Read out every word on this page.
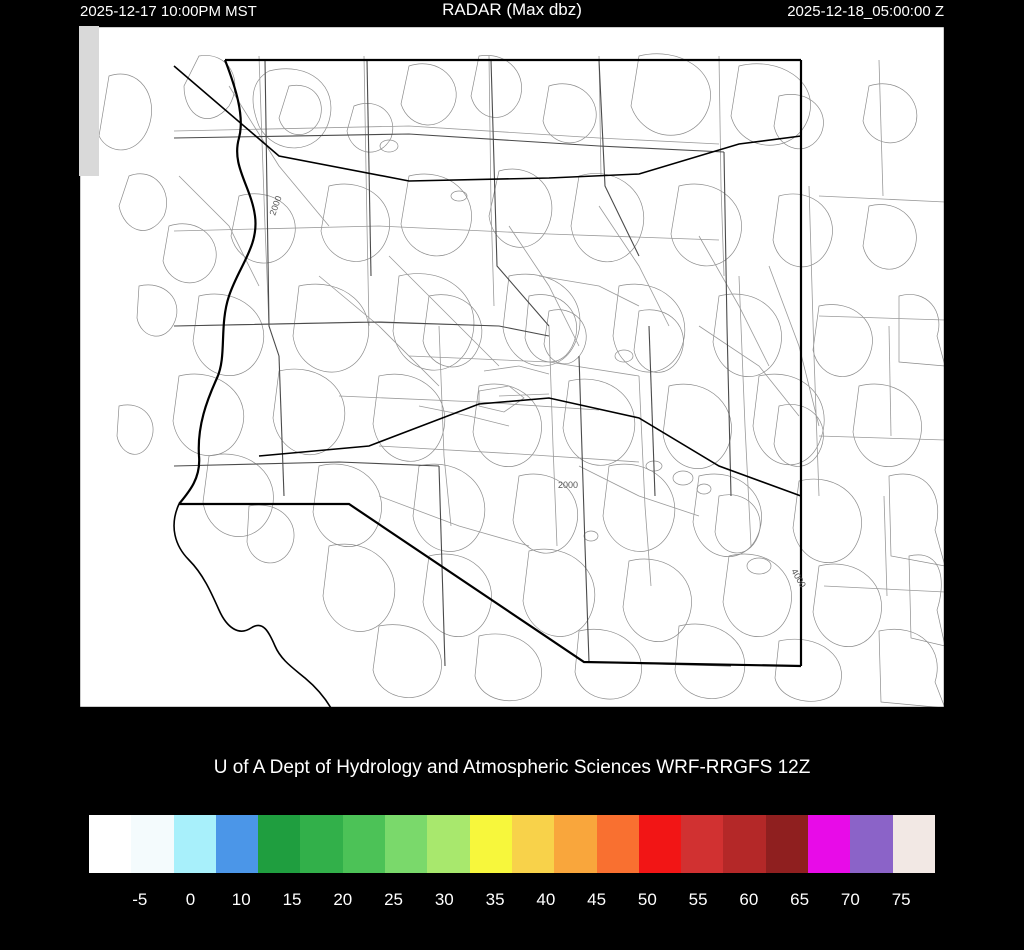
2025-12-17 10:00PM MST	RADAR (Max dbz)	2025-12-18_05:00:00 Z
2000
2000
4000
U of A Dept of Hydrology and Atmospheric Sciences WRF-RRGFS 12Z
-5 0 10 15 20 25 30 35 40 45 50 55 60 65 70 75
